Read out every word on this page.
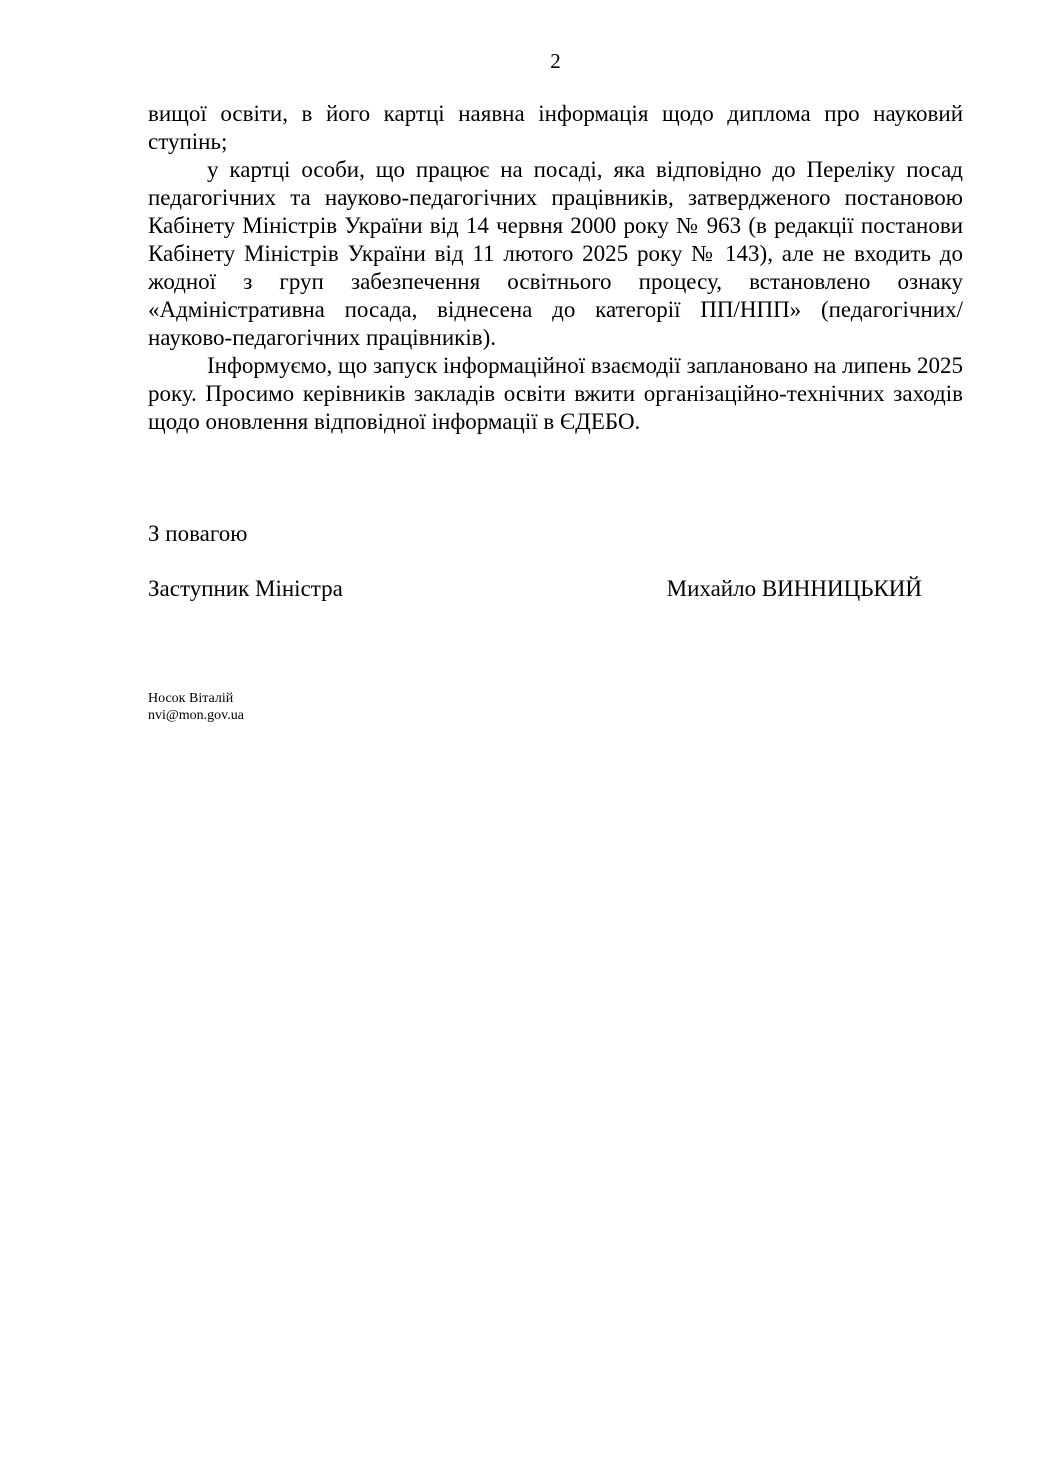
2

вищої освіти, в його картці наявна інформація щодо диплома про науковий ступінь;

у картці особи, що працює на посаді, яка відповідно до Переліку посад педагогічних та науково-педагогічних працівників, затвердженого постановою Кабінету Міністрів України від 14 червня 2000 року № 963 (в редакції постанови Кабінету Міністрів України від 11 лютого 2025 року № 143), але не входить до жодної з груп забезпечення освітнього процесу, встановлено ознаку «Адміністративна посада, віднесена до категорії ПП/НПП» (педагогічних/науково-педагогічних працівників).

Інформуємо, що запуск інформаційної взаємодії заплановано на липень 2025 року. Просимо керівників закладів освіти вжити організаційно-технічних заходів щодо оновлення відповідної інформації в ЄДЕБО.

З повагою
Заступник Міністра	Михайло ВИННИЦЬКИЙ
Носок Віталій
nvi@mon.gov.ua
